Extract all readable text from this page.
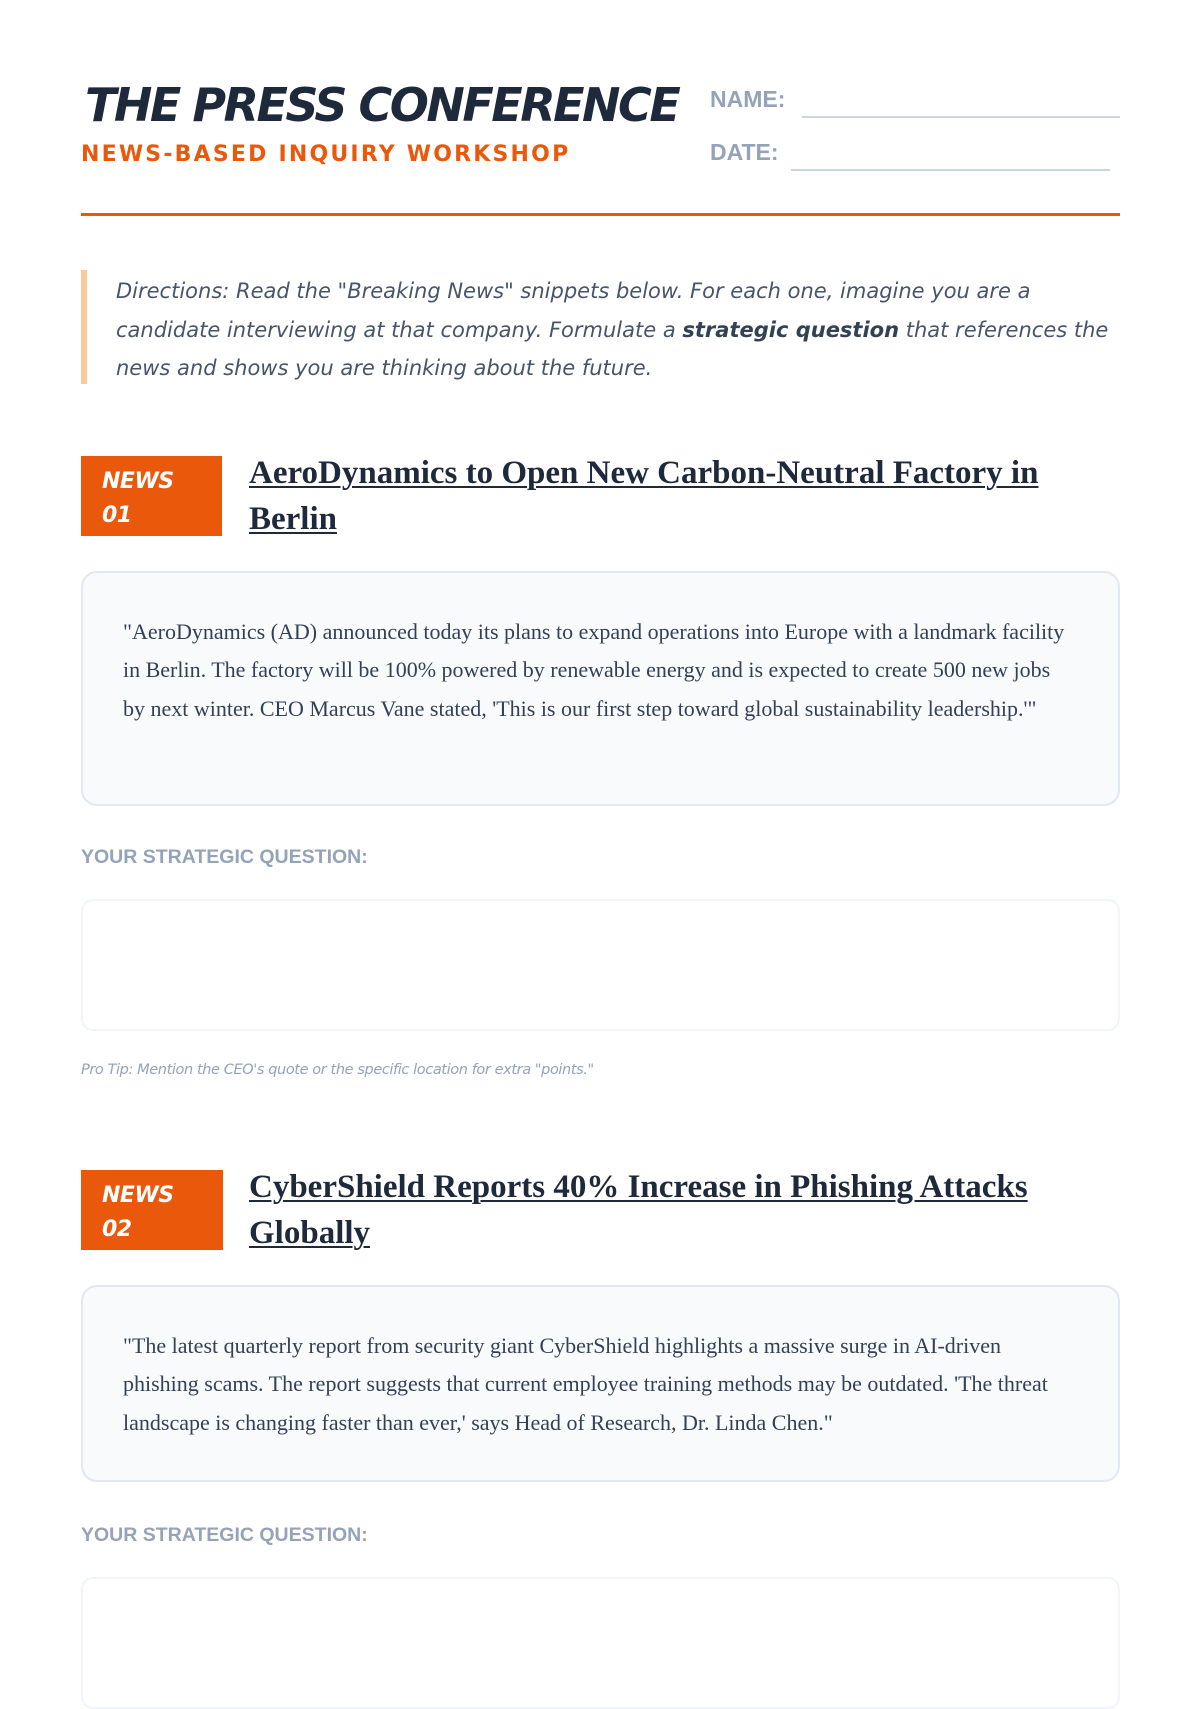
THE PRESS CONFERENCE
NEWS-BASED INQUIRY WORKSHOP
NAME:
DATE:

Directions: Read the "Breaking News" snippets below. For each one, imagine you are a candidate interviewing at that company. Formulate a strategic question that references the news and shows you are thinking about the future.

NEWS
01
AeroDynamics to Open New Carbon-Neutral Factory in Berlin

"AeroDynamics (AD) announced today its plans to expand operations into Europe with a landmark facility in Berlin. The factory will be 100% powered by renewable energy and is expected to create 500 new jobs by next winter. CEO Marcus Vane stated, 'This is our first step toward global sustainability leadership.'"

YOUR STRATEGIC QUESTION:
Pro Tip: Mention the CEO's quote or the specific location for extra "points."
NEWS
02
CyberShield Reports 40% Increase in Phishing Attacks Globally

"The latest quarterly report from security giant CyberShield highlights a massive surge in AI-driven phishing scams. The report suggests that current employee training methods may be outdated. 'The threat landscape is changing faster than ever,' says Head of Research, Dr. Linda Chen."

YOUR STRATEGIC QUESTION:
